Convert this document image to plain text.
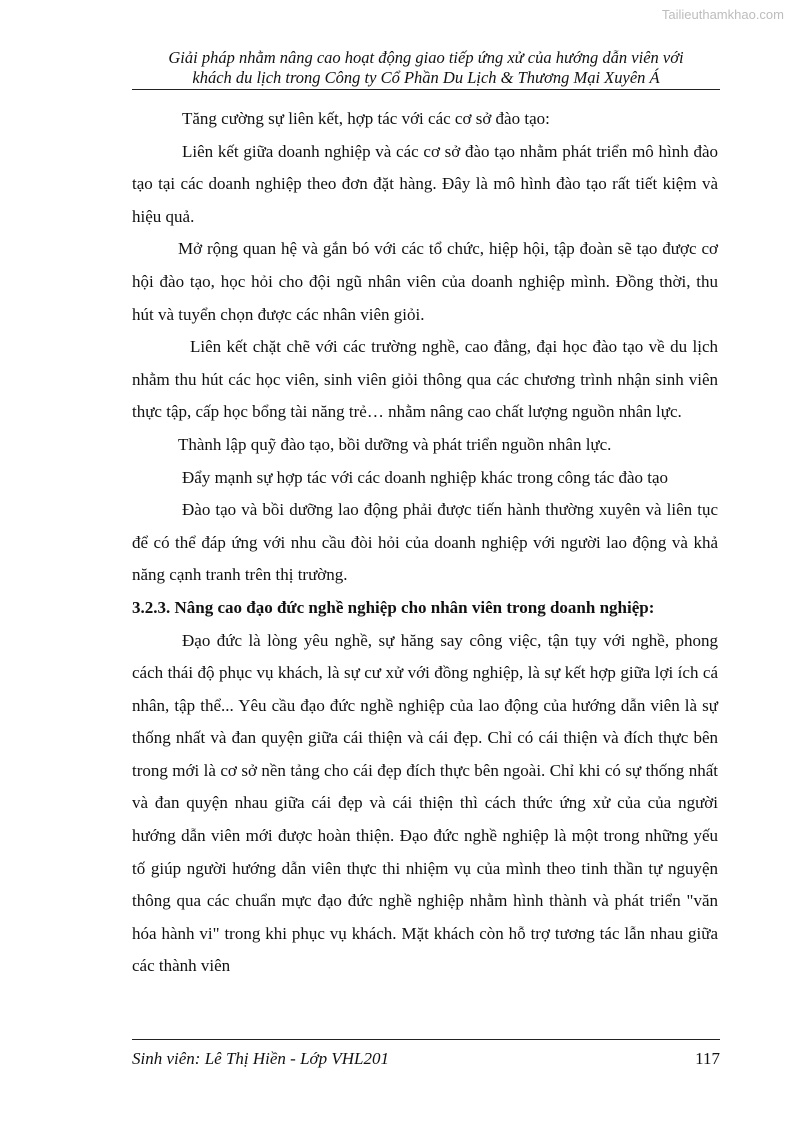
Tailieuthamkhao.com
Giải pháp nhằm nâng cao hoạt động giao tiếp ứng xử của hướng dẫn viên với
khách du lịch trong Công ty Cổ Phần Du Lịch & Thương Mại Xuyên Á

Tăng cường sự liên kết, hợp tác với các cơ sở đào tạo:

Liên kết giữa doanh nghiệp và các cơ sở đào tạo nhằm phát triển mô hình đào tạo tại các doanh nghiệp theo đơn đặt hàng. Đây là mô hình đào tạo rất tiết kiệm và hiệu quả.

Mở rộng quan hệ và gắn bó với các tổ chức, hiệp hội, tập đoàn sẽ tạo được cơ hội đào tạo, học hỏi cho đội ngũ nhân viên của doanh nghiệp mình. Đồng thời, thu hút và tuyển chọn được các nhân viên giỏi.

Liên kết chặt chẽ với các trường nghề, cao đẳng, đại học đào tạo về du lịch nhằm thu hút các học viên, sinh viên giỏi thông qua các chương trình nhận sinh viên thực tập, cấp học bổng tài năng trẻ… nhằm nâng cao chất lượng nguồn nhân lực.

Thành lập quỹ đào tạo, bồi dưỡng và phát triển nguồn nhân lực.

Đẩy mạnh sự hợp tác với các doanh nghiệp khác trong công tác đào tạo

Đào tạo và bồi dưỡng lao động phải được tiến hành thường xuyên và liên tục để có thể đáp ứng với nhu cầu đòi hỏi của doanh nghiệp với người lao động và khả năng cạnh tranh trên thị trường.

3.2.3. Nâng cao đạo đức nghề nghiệp cho nhân viên trong doanh nghiệp:

Đạo đức là lòng yêu nghề, sự hăng say công việc, tận tụy với nghề, phong cách thái độ phục vụ khách, là sự cư xử với đồng nghiệp, là sự kết hợp giữa lợi ích cá nhân, tập thể... Yêu cầu đạo đức nghề nghiệp của lao động của hướng dẫn viên là sự thống nhất và đan quyện giữa cái thiện và cái đẹp. Chỉ có cái thiện và đích thực bên trong mới là cơ sở nền tảng cho cái đẹp đích thực bên ngoài. Chỉ khi có sự thống nhất và đan quyện nhau giữa cái đẹp và cái thiện thì cách thức ứng xử của của người hướng dẫn viên mới được hoàn thiện. Đạo đức nghề nghiệp là một trong những yếu tố giúp người hướng dẫn viên thực thi nhiệm vụ của mình theo tinh thần tự nguyện thông qua các chuẩn mực đạo đức nghề nghiệp nhằm hình thành và phát triển "văn hóa hành vi" trong khi phục vụ khách. Mặt khách còn hỗ trợ tương tác lẫn nhau giữa các thành viên

Sinh viên: Lê Thị Hiền - Lớp VHL201	117
